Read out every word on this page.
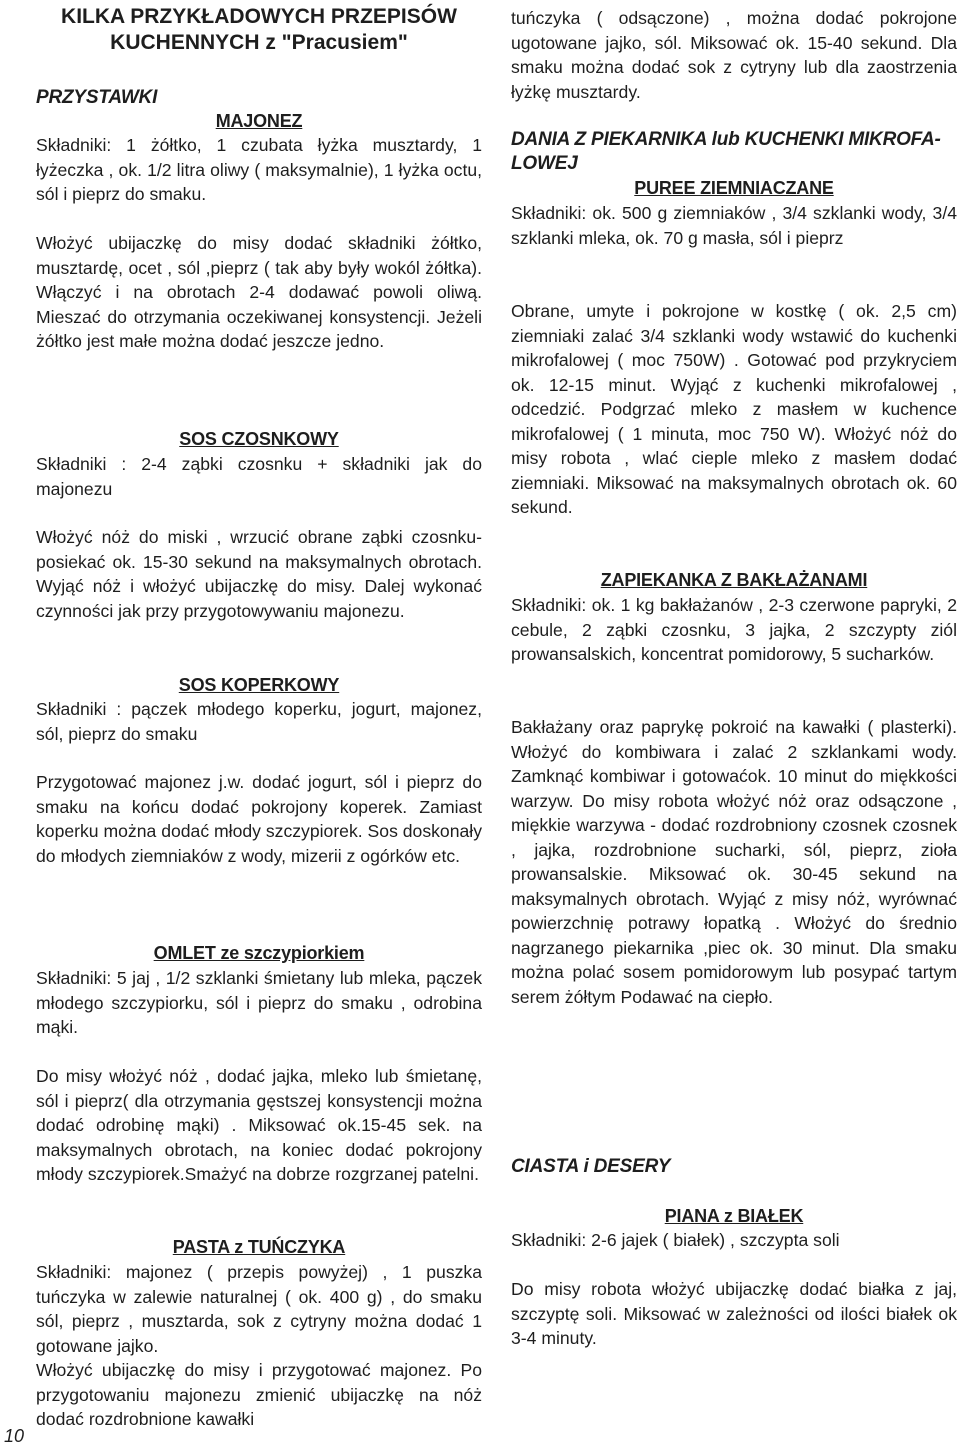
KILKA PRZYKŁADOWYCH PRZEPISÓW KUCHENNYCH z "Pracusiem"
PRZYSTAWKI
MAJONEZ

Składniki: 1 żółtko, 1 czubata łyżka musztardy, 1 łyżeczka , ok. 1/2 litra oliwy ( maksymalnie), 1 łyżka octu, sól i pieprz do smaku.

Włożyć ubijaczkę do misy dodać składniki żółtko, musztardę, ocet , sól ,pieprz ( tak aby były wokól żółtka). Włączyć i na obrotach 2-4 dodawać powoli oliwą. Mieszać do otrzymania oczekiwanej konsystencji. Jeżeli żółtko jest małe można dodać jeszcze jedno.

SOS CZOSNKOWY

Składniki : 2-4 ząbki czosnku + składniki jak do majonezu

Włożyć nóż do miski , wrzucić obrane ząbki czosnku- posiekać ok. 15-30 sekund na maksymalnych obrotach. Wyjąć nóż i włożyć ubijaczkę do misy. Dalej wykonać czynności jak przy przygotowywaniu majonezu.

SOS KOPERKOWY

Składniki : pączek młodego koperku, jogurt, majonez, sól, pieprz do smaku

Przygotować majonez j.w. dodać jogurt, sól i pieprz do smaku na końcu dodać pokrojony koperek. Zamiast koperku można dodać młody szczypiorek. Sos doskonały do młodych ziemniaków z wody, mizerii z ogórków etc.

OMLET ze szczypiorkiem

Składniki: 5 jaj , 1/2 szklanki śmietany lub mleka, pączek młodego szczypiorku, sól i pieprz do smaku , odrobina mąki.

Do misy włożyć nóż , dodać jajka, mleko lub śmietanę, sól i pieprz( dla otrzymania gęstszej konsystencji można dodać odrobinę mąki) . Miksować ok.15-45 sek. na maksymalnych obrotach, na koniec dodać pokrojony młody szczypiorek.Smażyć na dobrze rozgrzanej patelni.

PASTA z TUŃCZYKA

Składniki: majonez ( przepis powyżej) , 1 puszka tuńczyka w zalewie naturalnej ( ok. 400 g) , do smaku sól, pieprz , musztarda, sok z cytryny można dodać 1 gotowane jajko.

Włożyć ubijaczkę do misy i przygotować majonez. Po przygotowaniu majonezu zmienić ubijaczkę na nóż dodać rozdrobnione kawałki

tuńczyka ( odsączone) , można dodać pokrojone ugotowane jajko, sól. Miksować ok. 15-40 sekund. Dla smaku można dodać sok z cytryny lub dla zaostrzenia łyżkę musztardy.

DANIA Z PIEKARNIKA lub KUCHENKI MIKROFA-LOWEJ
PUREE ZIEMNIACZANE

Składniki: ok. 500 g ziemniaków , 3/4 szklanki wody, 3/4 szklanki mleka, ok. 70 g masła, sól i pieprz

Obrane, umyte i pokrojone w kostkę ( ok. 2,5 cm) ziemniaki zalać 3/4 szklanki wody wstawić do kuchenki mikrofalowej ( moc 750W) . Gotować pod przykryciem ok. 12-15 minut. Wyjąć z kuchenki mikrofalowej , odcedzić. Podgrzać mleko z masłem w kuchence mikrofalowej ( 1 minuta, moc 750 W). Włożyć nóż do misy robota , wlać cieple mleko z masłem dodać ziemniaki. Miksować na maksymalnych obrotach ok. 60 sekund.

ZAPIEKANKA Z BAKŁAŻANAMI

Składniki: ok. 1 kg bakłażanów , 2-3 czerwone papryki, 2 cebule, 2 ząbki czosnku, 3 jajka, 2 szczypty ziól prowansalskich, koncentrat pomidorowy, 5 sucharków.

Bakłażany oraz paprykę pokroić na kawałki ( plasterki). Włożyć do kombiwara i zalać 2 szklankami wody. Zamknąć kombiwar i gotowaćok. 10 minut do miękkości warzyw. Do misy robota włożyć nóż oraz odsączone , miękkie warzywa - dodać rozdrobniony czosnek czosnek , jajka, rozdrobnione sucharki, sól, pieprz, zioła prowansalskie. Miksować ok. 30-45 sekund na maksymalnych obrotach. Wyjąć z misy nóż, wyrównać powierzchnię potrawy łopatką . Włożyć do średnio nagrzanego piekarnika ,piec ok. 30 minut. Dla smaku można polać sosem pomidorowym lub posypać tartym serem żółtym Podawać na ciepło.

CIASTA i DESERY
PIANA z BIAŁEK

Składniki: 2-6 jajek ( białek) , szczypta soli

Do misy robota włożyć ubijaczkę dodać białka z jaj, szczyptę soli. Miksować w zależności od ilości białek ok 3-4 minuty.

10
